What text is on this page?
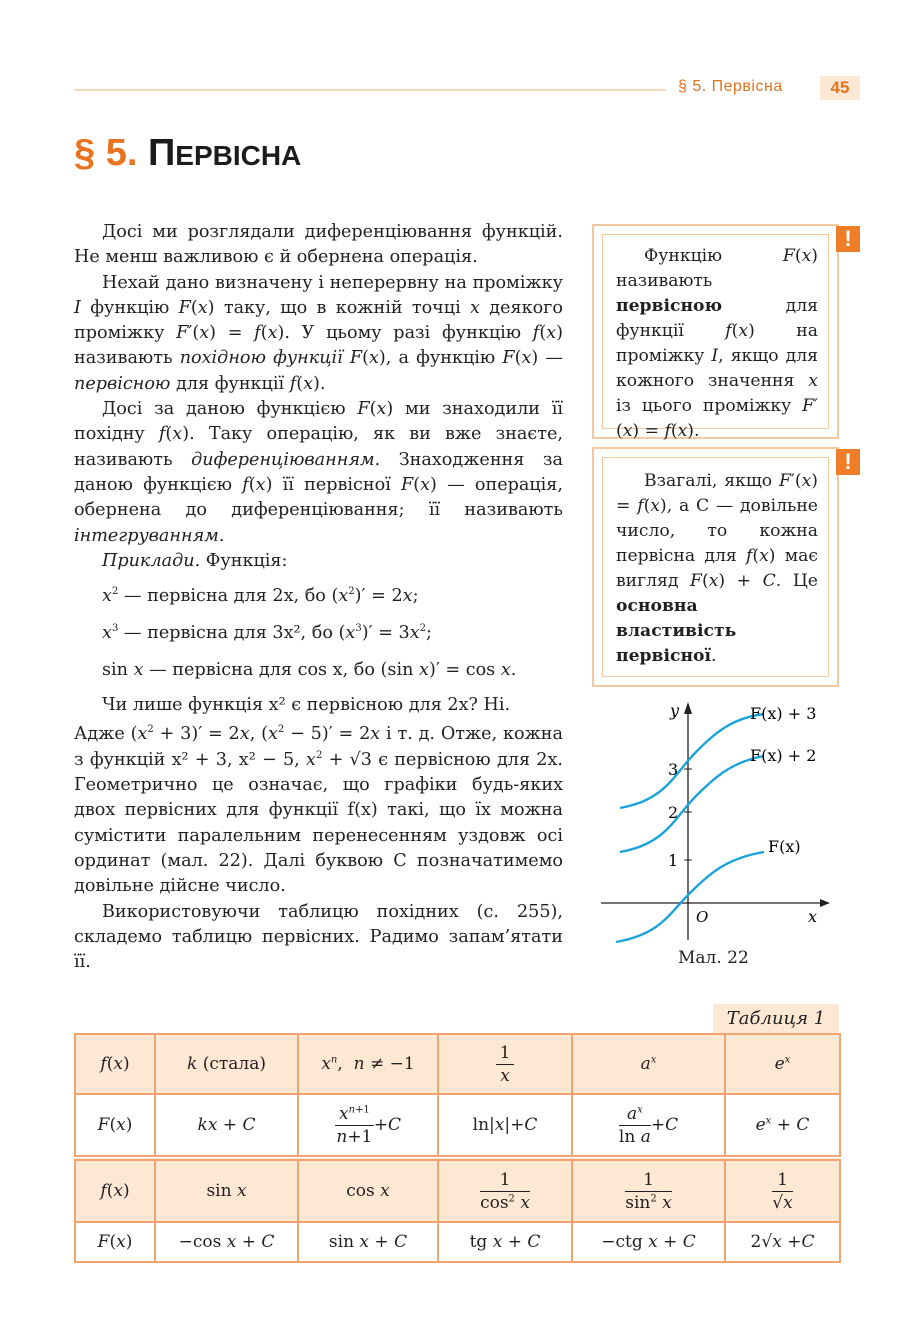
§ 5. Первісна	45
§ 5. ПЕРВІСНА

Досі ми розглядали диференціювання функцій. Не менш важливою є й обернена операція.

Нехай дано визначену і неперервну на проміжку I функцію F(x) таку, що в кожній точці x деякого проміжку F′(x) = f(x). У цьому разі функцію f(x) називають похідною функції F(x), а функцію F(x) — первісною для функції f(x).

Досі за даною функцією F(x) ми знаходили її похідну f(x). Таку операцію, як ви вже знаєте, називають диференціюванням. Знаходження за даною функцією f(x) її первісної F(x) — операція, обернена до диференціювання; її називають інтегруванням.

Приклади. Функція:

$x^2$ — первісна для 2x, бо $(x^2)' = 2x$;

$x^3$ — первісна для 3x², бо $(x^3)' = 3x^2$;

sin x — первісна для cos x, бо (sin x)′ = cos x.

Чи лише функція x² є первісною для 2x? Ні.

Адже $(x^2 + 3)' = 2x$, $(x^2 - 5)' = 2x$ і т. д. Отже, кожна з функцій x² + 3, x² − 5, $x^2 + √3$ є первісною для 2x. Геометрично це означає, що графіки будь-яких двох первісних для функції f(x) такі, що їх можна сумістити паралельним перенесенням уздовж осі ординат (мал. 22). Далі буквою C позначатимемо довільне дійсне число.

Використовуючи таблицю похідних (с. 255), складемо таблицю первісних. Радимо запам’ятати її.

Функцію F(x) називають первісною для функції f(x) на проміжку I, якщо для кожного значення x із цього проміжку F′(x) = f(x).

!

Взагалі, якщо F′(x) = f(x), а C — довільне число, то кожна первісна для f(x) має вигляд F(x) + C. Це основна властивість первісної.

!
1
2
3
y
x
O
F(x) + 3
F(x) + 2
F(x)
Мал. 22
Таблиця 1
f(x)	k (стала)	$x^n$,  n ≠ −1	$\frac{1}{x}$	$a^x$	$e^x$
F(x)	kx + C	$\frac{x^{n+1}}{n+1} +C$	ln|x|+C	$\frac{a^x}{\text{ln a}} +C$	$e^x + C$
f(x)	sin x	cos x	$\frac{1}{\cos^2 x}$	$\frac{1}{\sin^2 x}$	$\frac{1}{√x}$

F(x)	−cos x + C	sin x + C	tg x + C	−ctg x + C	2√x +C
